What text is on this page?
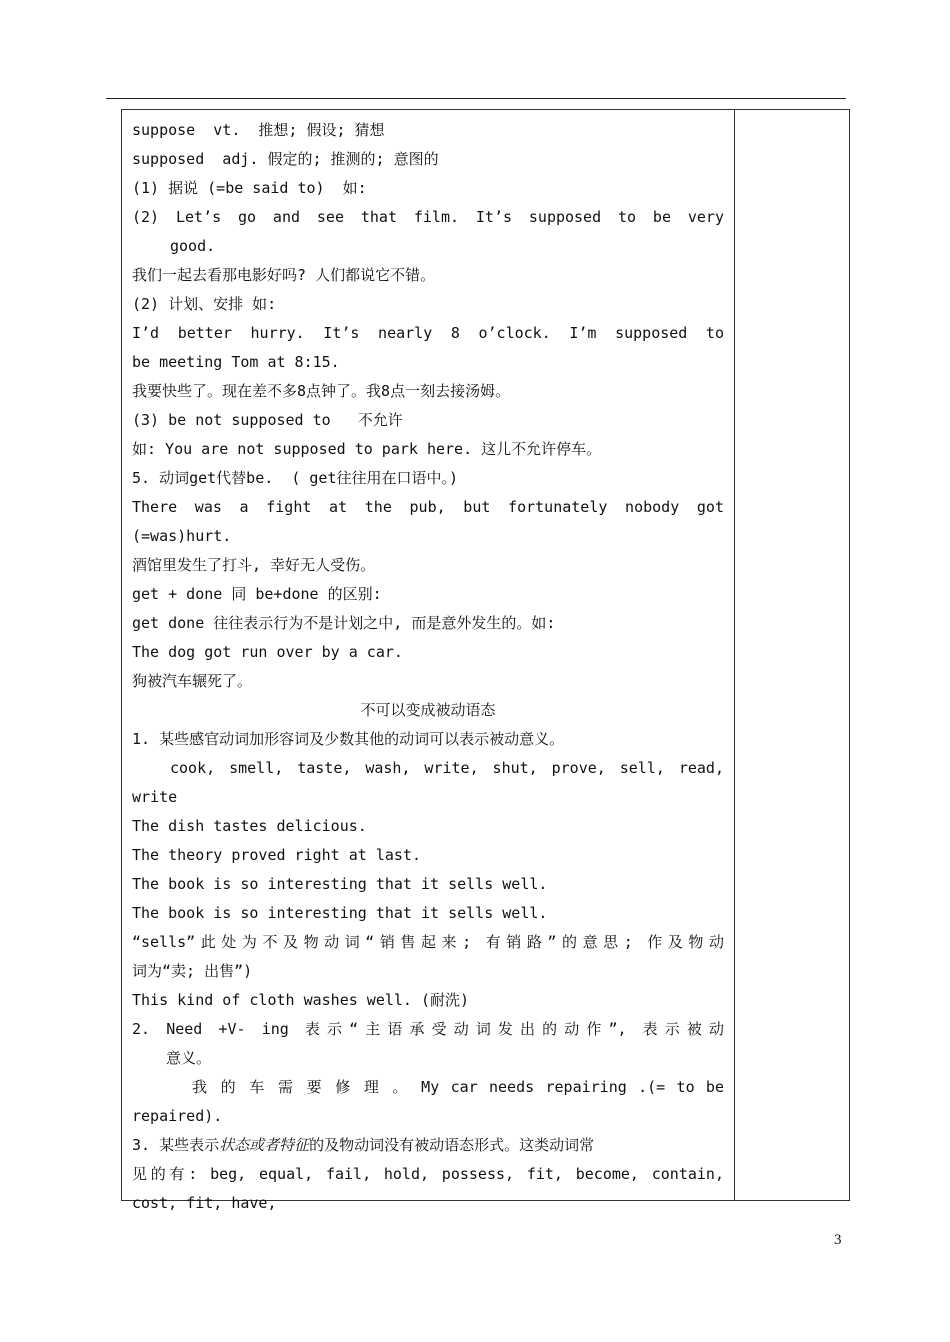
suppose  vt.  推想; 假设; 猜想
supposed  adj. 假定的; 推测的; 意图的
(1) 据说 (=be said to)  如:
(2) Let’s go and see that film. It’s supposed to be very
good.
我们一起去看那电影好吗? 人们都说它不错。
(2) 计划、安排 如:
I’d better hurry. It’s nearly 8 o’clock. I’m supposed to
be meeting Tom at 8:15.
我要快些了。现在差不多8点钟了。我8点一刻去接汤姆。
(3) be not supposed to   不允许
如: You are not supposed to park here. 这儿不允许停车。
5. 动词get代替be.  ( get往往用在口语中。)
There was a fight at the pub, but fortunately nobody got
(=was)hurt.
酒馆里发生了打斗, 幸好无人受伤。
get + done 同 be+done 的区别:
get done 往往表示行为不是计划之中, 而是意外发生的。如:
The dog got run over by a car.
狗被汽车辗死了。
不可以变成被动语态
1. 某些感官动词加形容词及少数其他的动词可以表示被动意义。
cook, smell, taste, wash, write, shut, prove, sell, read,
write
The dish tastes delicious.
The theory proved right at last.
The book is so interesting that it sells well.
The book is so interesting that it sells well.
“sells”此处为不及物动词“销售起来; 有销路”的意思; 作及物动
词为“卖; 出售”)
This kind of cloth washes well. (耐洗)
2. Need +V- ing 表示“主语承受动词发出的动作”, 表示被动
意义。
我 的 车 需 要 修 理 。 My car needs repairing .(= to be
repaired).
3. 某些表示状态或者特征的及物动词没有被动语态形式。这类动词常
见的有: beg, equal, fail, hold, possess, fit, become, contain,
cost, fit, have,
3
